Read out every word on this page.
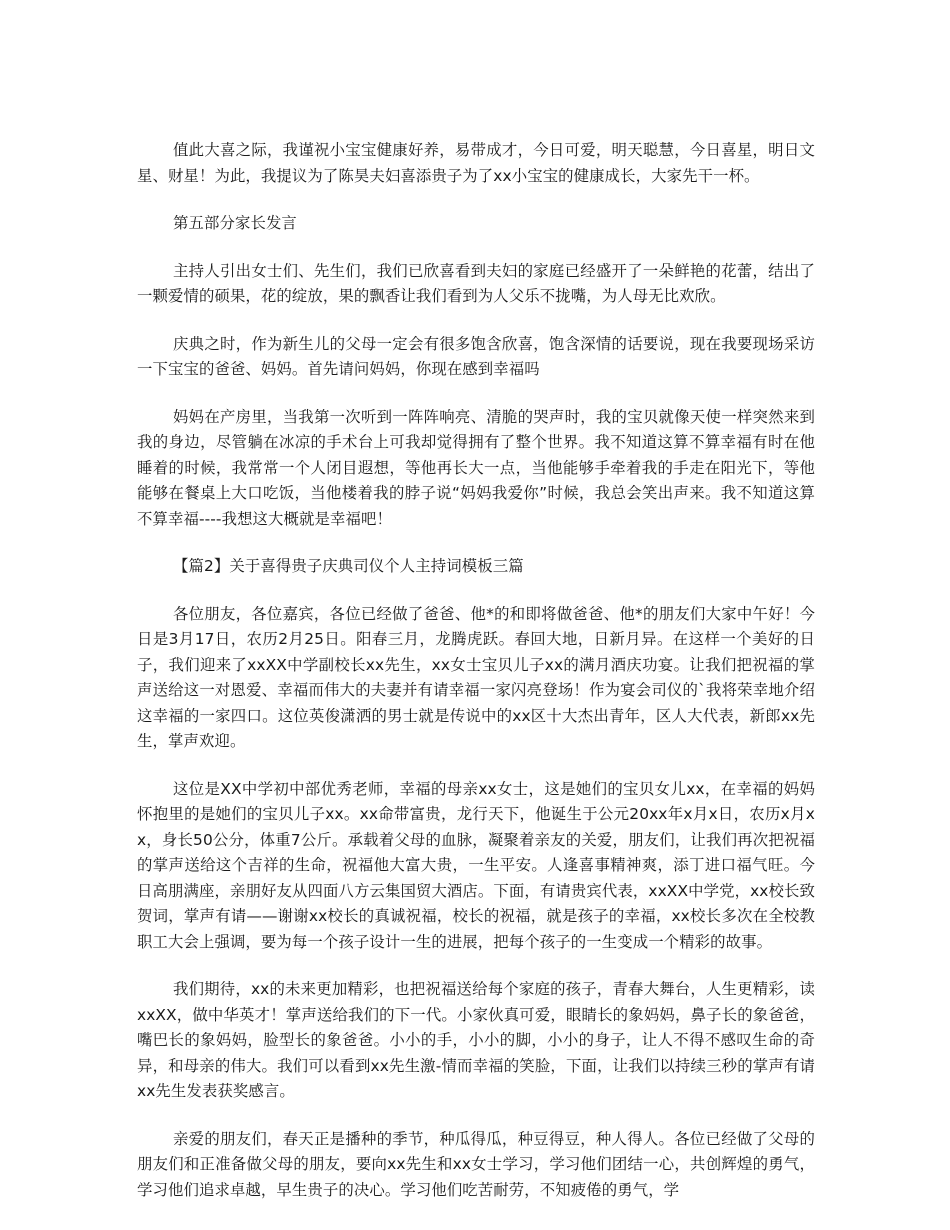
值此大喜之际，我谨祝小宝宝健康好养，易带成才，今日可爱，明天聪慧，今日喜星，明日文星、财星！为此，我提议为了陈昊夫妇喜添贵子为了xx小宝宝的健康成长，大家先干一杯。

第五部分家长发言

主持人引出女士们、先生们，我们已欣喜看到夫妇的家庭已经盛开了一朵鲜艳的花蕾，结出了一颗爱情的硕果，花的绽放，果的飘香让我们看到为人父乐不拢嘴，为人母无比欢欣。

庆典之时，作为新生儿的父母一定会有很多饱含欣喜，饱含深情的话要说，现在我要现场采访一下宝宝的爸爸、妈妈。首先请问妈妈，你现在感到幸福吗

妈妈在产房里，当我第一次听到一阵阵响亮、清脆的哭声时，我的宝贝就像天使一样突然来到我的身边，尽管躺在冰凉的手术台上可我却觉得拥有了整个世界。我不知道这算不算幸福有时在他睡着的时候，我常常一个人闭目遐想，等他再长大一点，当他能够手牵着我的手走在阳光下，等他能够在餐桌上大口吃饭，当他楼着我的脖子说“妈妈我爱你”时候，我总会笑出声来。我不知道这算不算幸福----我想这大概就是幸福吧！

【篇2】关于喜得贵子庆典司仪个人主持词模板三篇

各位朋友，各位嘉宾，各位已经做了爸爸、他*的和即将做爸爸、他*的朋友们大家中午好！今日是3月17日，农历2月25日。阳春三月，龙腾虎跃。春回大地，日新月异。在这样一个美好的日子，我们迎来了xxXX中学副校长xx先生，xx女士宝贝儿子xx的满月酒庆功宴。让我们把祝福的掌声送给这一对恩爱、幸福而伟大的夫妻并有请幸福一家闪亮登场！作为宴会司仪的`我将荣幸地介绍这幸福的一家四口。这位英俊潇洒的男士就是传说中的xx区十大杰出青年，区人大代表，新郎xx先生，掌声欢迎。

这位是XX中学初中部优秀老师，幸福的母亲xx女士，这是她们的宝贝女儿xx，在幸福的妈妈怀抱里的是她们的宝贝儿子xx。xx命带富贵，龙行天下，他诞生于公元20xx年x月x日，农历x月xx，身长50公分，体重7公斤。承载着父母的血脉，凝聚着亲友的关爱，朋友们，让我们再次把祝福的掌声送给这个吉祥的生命，祝福他大富大贵，一生平安。人逢喜事精神爽，添丁进口福气旺。今日高朋满座，亲朋好友从四面八方云集国贸大酒店。下面，有请贵宾代表，xxXX中学党，xx校长致贺词，掌声有请——谢谢xx校长的真诚祝福，校长的祝福，就是孩子的幸福，xx校长多次在全校教职工大会上强调，要为每一个孩子设计一生的进展，把每个孩子的一生变成一个精彩的故事。

我们期待，xx的未来更加精彩，也把祝福送给每个家庭的孩子，青春大舞台，人生更精彩，读xxXX，做中华英才！掌声送给我们的下一代。小家伙真可爱，眼睛长的象妈妈，鼻子长的象爸爸，嘴巴长的象妈妈，脸型长的象爸爸。小小的手，小小的脚，小小的身子，让人不得不感叹生命的奇异，和母亲的伟大。我们可以看到xx先生激-情而幸福的笑脸，下面，让我们以持续三秒的掌声有请xx先生发表获奖感言。

亲爱的朋友们，春天正是播种的季节，种瓜得瓜，种豆得豆，种人得人。各位已经做了父母的朋友们和正准备做父母的朋友，要向xx先生和xx女士学习，学习他们团结一心，共创辉煌的勇气，学习他们追求卓越，早生贵子的决心。学习他们吃苦耐劳，不知疲倦的勇气，学
